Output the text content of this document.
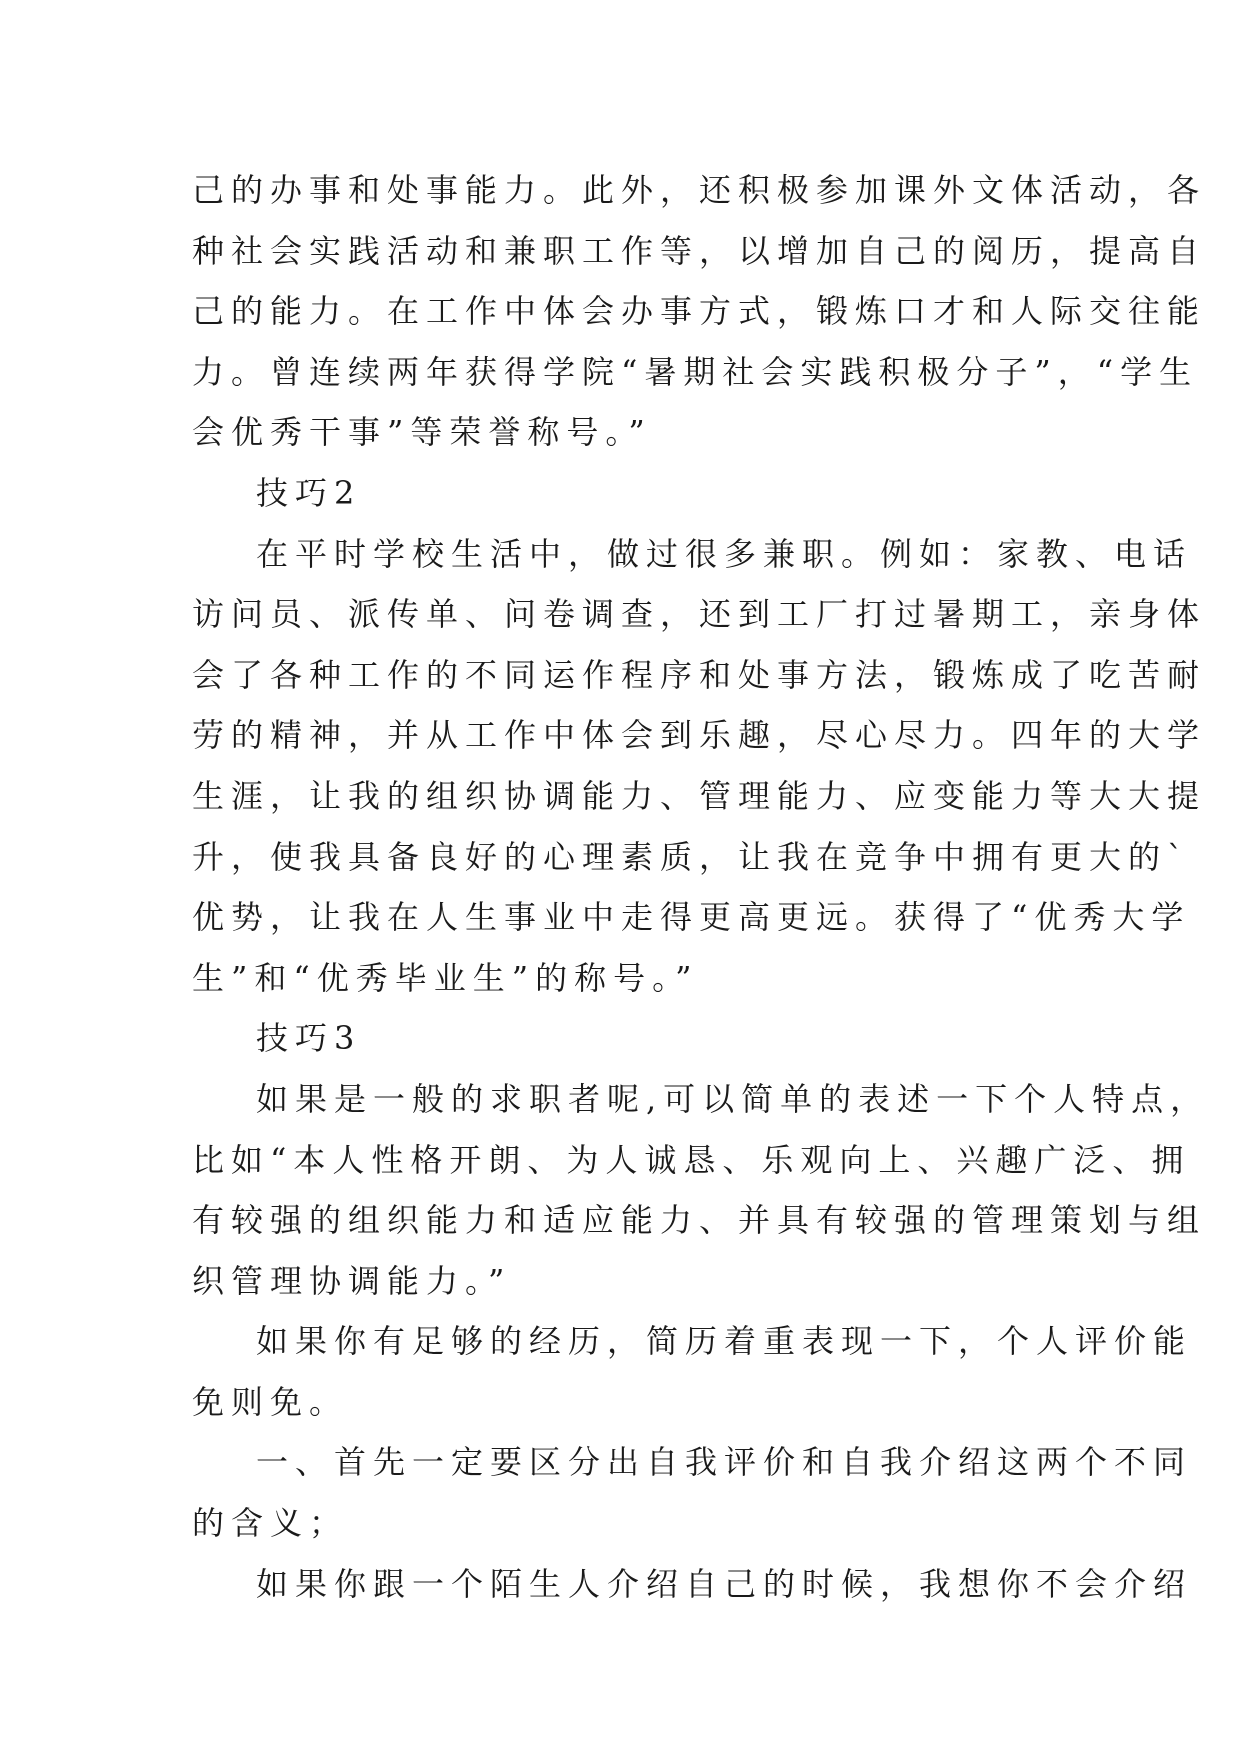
己的办事和处事能力。此外，还积极参加课外文体活动，各
种社会实践活动和兼职工作等，以增加自己的阅历，提高自
己的能力。在工作中体会办事方式，锻炼口才和人际交往能
力。曾连续两年获得学院“暑期社会实践积极分子”，“学生
会优秀干事”等荣誉称号。”
技巧2
在平时学校生活中，做过很多兼职。例如：家教、电话
访问员、派传单、问卷调查，还到工厂打过暑期工，亲身体
会了各种工作的不同运作程序和处事方法，锻炼成了吃苦耐
劳的精神，并从工作中体会到乐趣，尽心尽力。四年的大学
生涯，让我的组织协调能力、管理能力、应变能力等大大提
升，使我具备良好的心理素质，让我在竞争中拥有更大的`
优势，让我在人生事业中走得更高更远。获得了“优秀大学
生”和“优秀毕业生”的称号。”
技巧3
如果是一般的求职者呢,可以简单的表述一下个人特点，
比如“本人性格开朗、为人诚恳、乐观向上、兴趣广泛、拥
有较强的组织能力和适应能力、并具有较强的管理策划与组
织管理协调能力。”
如果你有足够的经历，简历着重表现一下，个人评价能
免则免。
一、首先一定要区分出自我评价和自我介绍这两个不同
的含义；
如果你跟一个陌生人介绍自己的时候，我想你不会介绍
